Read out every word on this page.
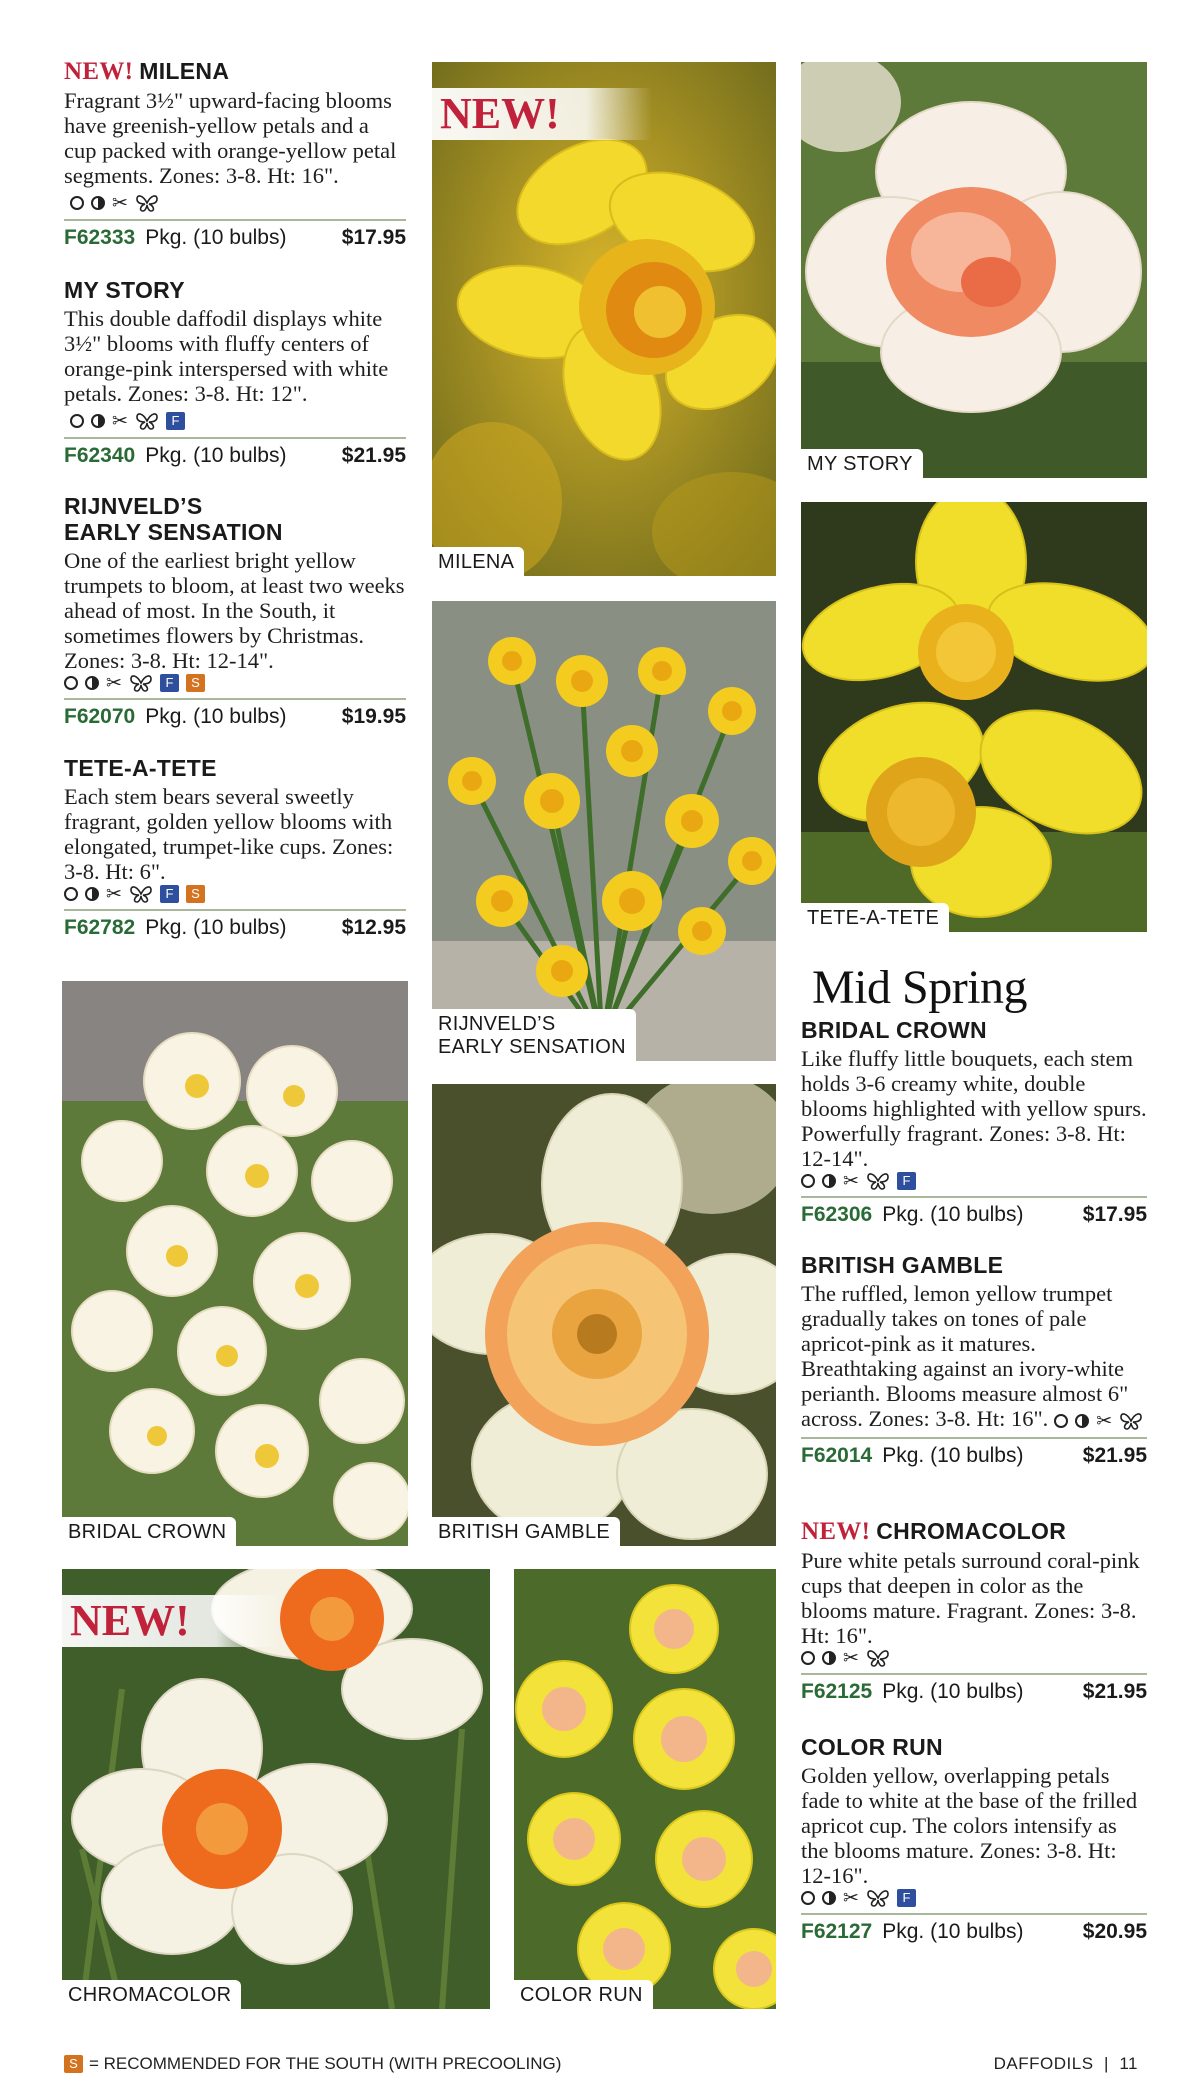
NEW! MILENA
Fragrant 3½" upward-facing blooms have greenish-yellow petals and a cup packed with orange-yellow petal segments. Zones: 3-8. Ht: 16".
✂
F62333 Pkg. (10 bulbs)	$17.95
MY STORY
This double daffodil displays white 3½" blooms with fluffy centers of orange-pink interspersed with white petals. Zones: 3-8. Ht: 12".
✂	F
F62340 Pkg. (10 bulbs)	$21.95
RIJNVELD’S
EARLY SENSATION
One of the earliest bright yellow trumpets to bloom, at least two weeks ahead of most. In the South, it sometimes flowers by Christmas. Zones: 3-8. Ht: 12-14".
✂	F	S
F62070 Pkg. (10 bulbs)	$19.95
TETE-A-TETE
Each stem bears several sweetly fragrant, golden yellow blooms with elongated, trumpet-like cups. Zones: 3-8. Ht: 6".
✂	F	S
F62782 Pkg. (10 bulbs)	$12.95
NEW!
MILENA
MY STORY
RIJNVELD’S
EARLY SENSATION
TETE-A-TETE
BRIDAL CROWN	BRITISH GAMBLE
NEW!
CHROMACOLOR	COLOR RUN
Mid Spring
BRIDAL CROWN
Like fluffy little bouquets, each stem holds 3-6 creamy white, double blooms highlighted with yellow spurs. Powerfully fragrant. Zones: 3-8. Ht: 12-14".
✂	F
F62306 Pkg. (10 bulbs)	$17.95
BRITISH GAMBLE
The ruffled, lemon yellow trumpet gradually takes on tones of pale apricot-pink as it matures. Breathtaking against an ivory-white perianth. Blooms measure almost 6" across. Zones: 3-8. Ht: 16".	✂
F62014 Pkg. (10 bulbs)	$21.95
NEW! CHROMACOLOR
Pure white petals surround coral-pink cups that deepen in color as the blooms mature. Fragrant. Zones: 3-8. Ht: 16".
✂
F62125 Pkg. (10 bulbs)	$21.95
COLOR RUN
Golden yellow, overlapping petals fade to white at the base of the frilled apricot cup. The colors intensify as the blooms mature. Zones: 3-8. Ht: 12-16".
✂	F
F62127 Pkg. (10 bulbs)	$20.95
S = RECOMMENDED FOR THE SOUTH (WITH PRECOOLING)	DAFFODILS  |  11
